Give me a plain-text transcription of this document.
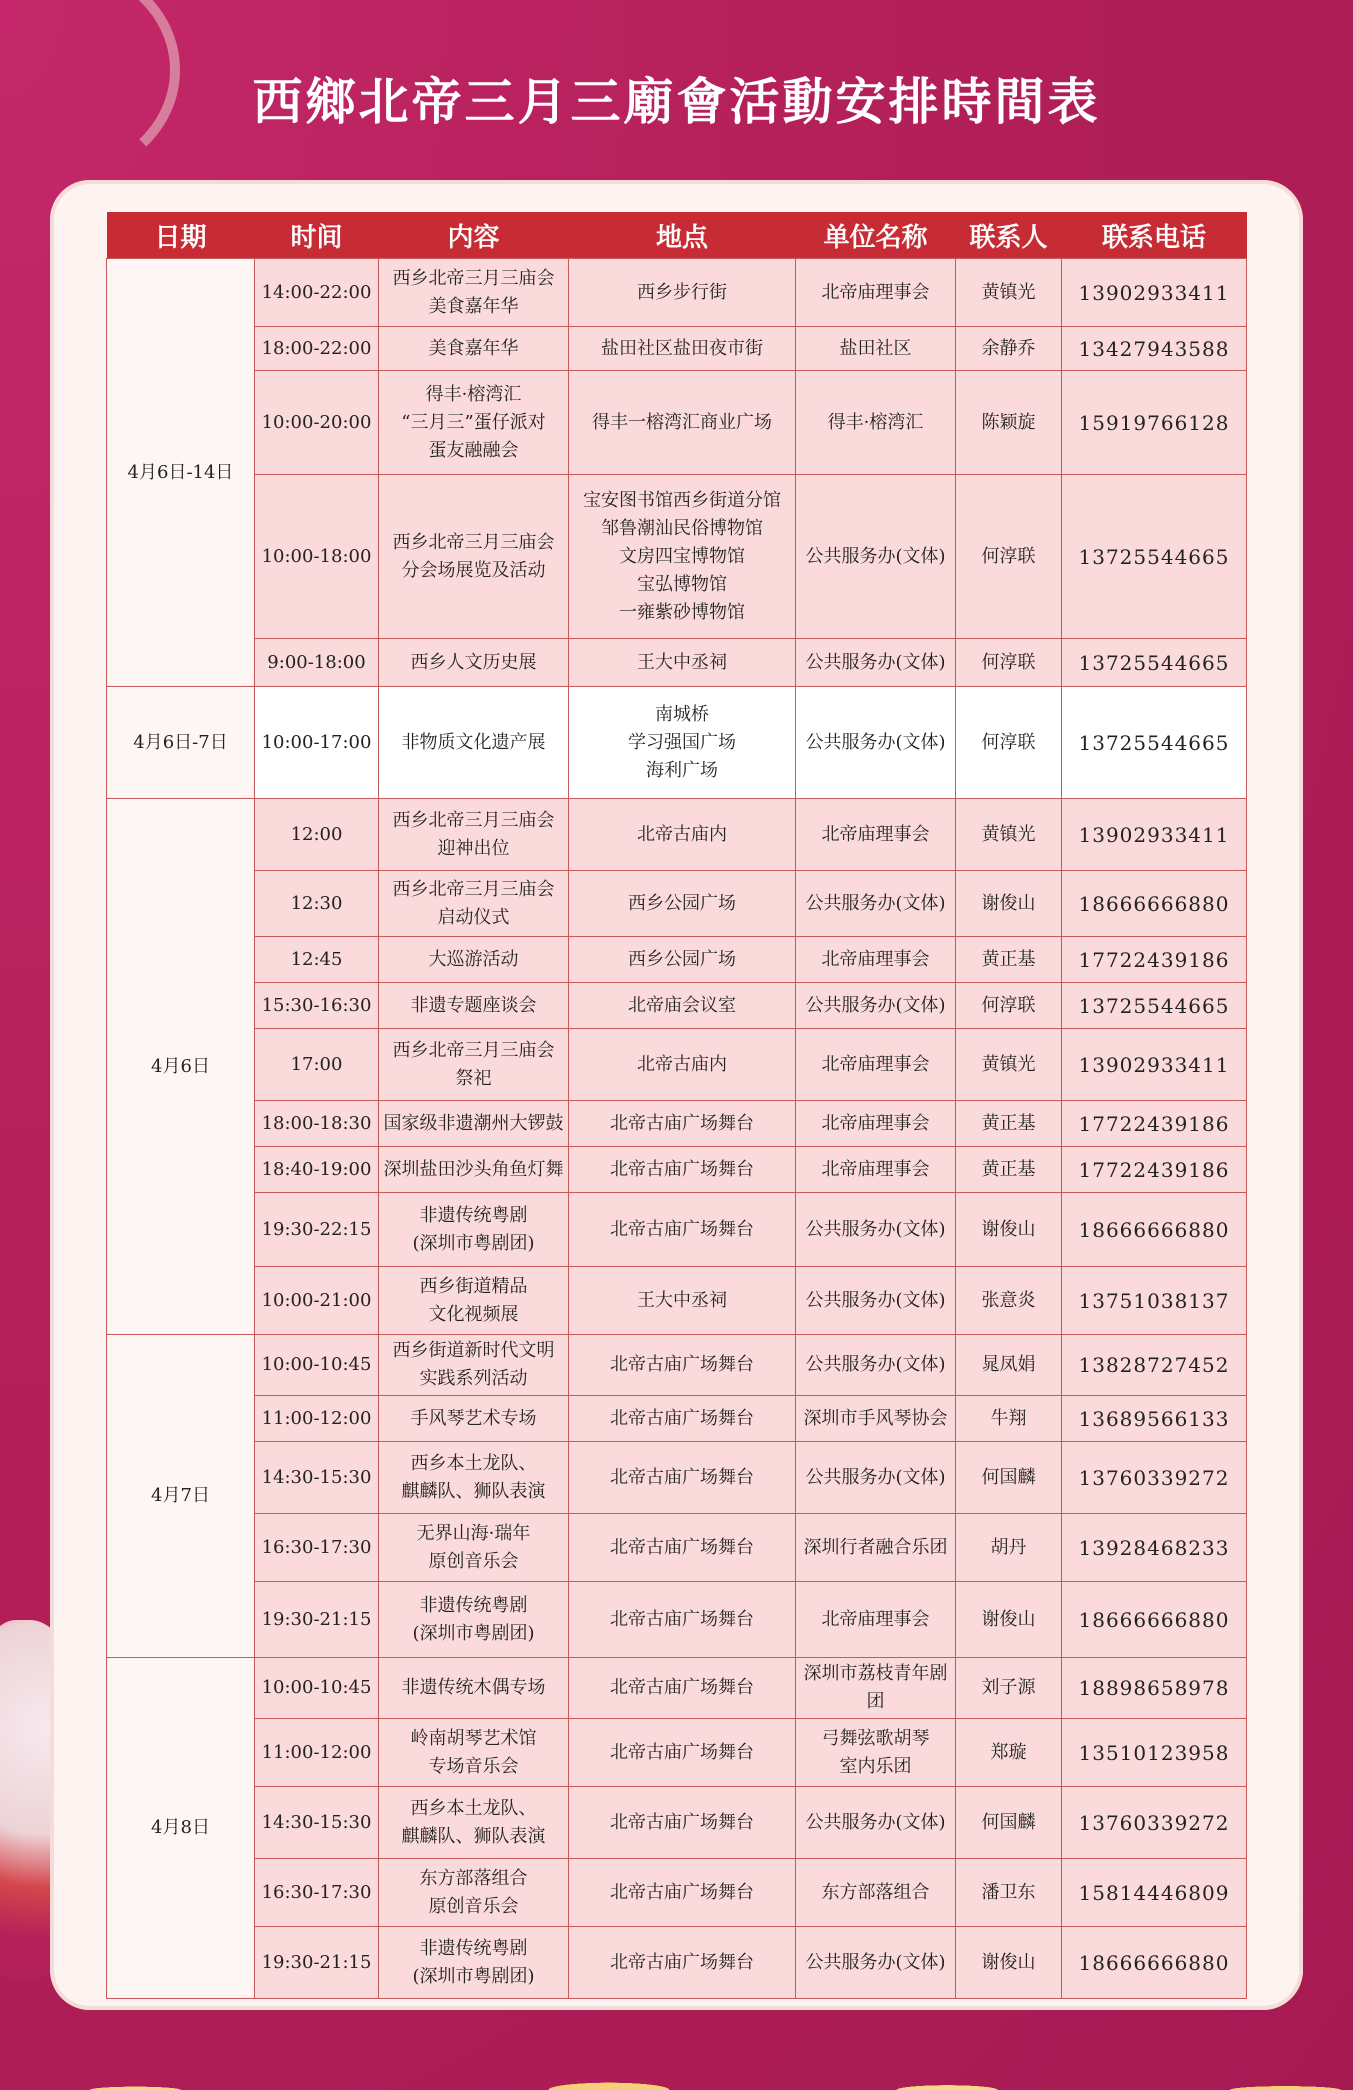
西鄉北帝三月三廟會活動安排時間表
日期	时间	内容	地点	单位名称	联系人	联系电话
4月6日-14日	14:00-22:00	西乡北帝三月三庙会
美食嘉年华	西乡步行街	北帝庙理事会	黄镇光	13902933411
	18:00-22:00	美食嘉年华	盐田社区盐田夜市街	盐田社区	余静乔	13427943588
	10:00-20:00	得丰·榕湾汇
“三月三”蛋仔派对
蛋友融融会	得丰一榕湾汇商业广场	得丰·榕湾汇	陈颖旋	15919766128
	10:00-18:00	西乡北帝三月三庙会
分会场展览及活动	宝安图书馆西乡街道分馆
邹鲁潮汕民俗博物馆
文房四宝博物馆
宝弘博物馆
一雍紫砂博物馆	公共服务办(文体)	何淳联	13725544665
	9:00-18:00	西乡人文历史展	王大中丞祠	公共服务办(文体)	何淳联	13725544665
4月6日-7日	10:00-17:00	非物质文化遗产展	南城桥
学习强国广场
海利广场	公共服务办(文体)	何淳联	13725544665
4月6日	12:00	西乡北帝三月三庙会
迎神出位	北帝古庙内	北帝庙理事会	黄镇光	13902933411
	12:30	西乡北帝三月三庙会
启动仪式	西乡公园广场	公共服务办(文体)	谢俊山	18666666880
	12:45	大巡游活动	西乡公园广场	北帝庙理事会	黄正基	17722439186
	15:30-16:30	非遗专题座谈会	北帝庙会议室	公共服务办(文体)	何淳联	13725544665
	17:00	西乡北帝三月三庙会
祭祀	北帝古庙内	北帝庙理事会	黄镇光	13902933411
	18:00-18:30	国家级非遗潮州大锣鼓	北帝古庙广场舞台	北帝庙理事会	黄正基	17722439186
	18:40-19:00	深圳盐田沙头角鱼灯舞	北帝古庙广场舞台	北帝庙理事会	黄正基	17722439186
	19:30-22:15	非遗传统粤剧
(深圳市粤剧团)	北帝古庙广场舞台	公共服务办(文体)	谢俊山	18666666880
	10:00-21:00	西乡街道精品
文化视频展	王大中丞祠	公共服务办(文体)	张意炎	13751038137
4月7日	10:00-10:45	西乡街道新时代文明
实践系列活动	北帝古庙广场舞台	公共服务办(文体)	晁凤娟	13828727452
	11:00-12:00	手风琴艺术专场	北帝古庙广场舞台	深圳市手风琴协会	牛翔	13689566133
	14:30-15:30	西乡本土龙队、
麒麟队、狮队表演	北帝古庙广场舞台	公共服务办(文体)	何国麟	13760339272
	16:30-17:30	无界山海·瑞年
原创音乐会	北帝古庙广场舞台	深圳行者融合乐团	胡丹	13928468233
	19:30-21:15	非遗传统粤剧
(深圳市粤剧团)	北帝古庙广场舞台	北帝庙理事会	谢俊山	18666666880
4月8日	10:00-10:45	非遗传统木偶专场	北帝古庙广场舞台	深圳市荔枝青年剧团	刘子源	18898658978
	11:00-12:00	岭南胡琴艺术馆
专场音乐会	北帝古庙广场舞台	弓舞弦歌胡琴
室内乐团	郑璇	13510123958
	14:30-15:30	西乡本土龙队、
麒麟队、狮队表演	北帝古庙广场舞台	公共服务办(文体)	何国麟	13760339272
	16:30-17:30	东方部落组合
原创音乐会	北帝古庙广场舞台	东方部落组合	潘卫东	15814446809
	19:30-21:15	非遗传统粤剧
(深圳市粤剧团)	北帝古庙广场舞台	公共服务办(文体)	谢俊山	18666666880
